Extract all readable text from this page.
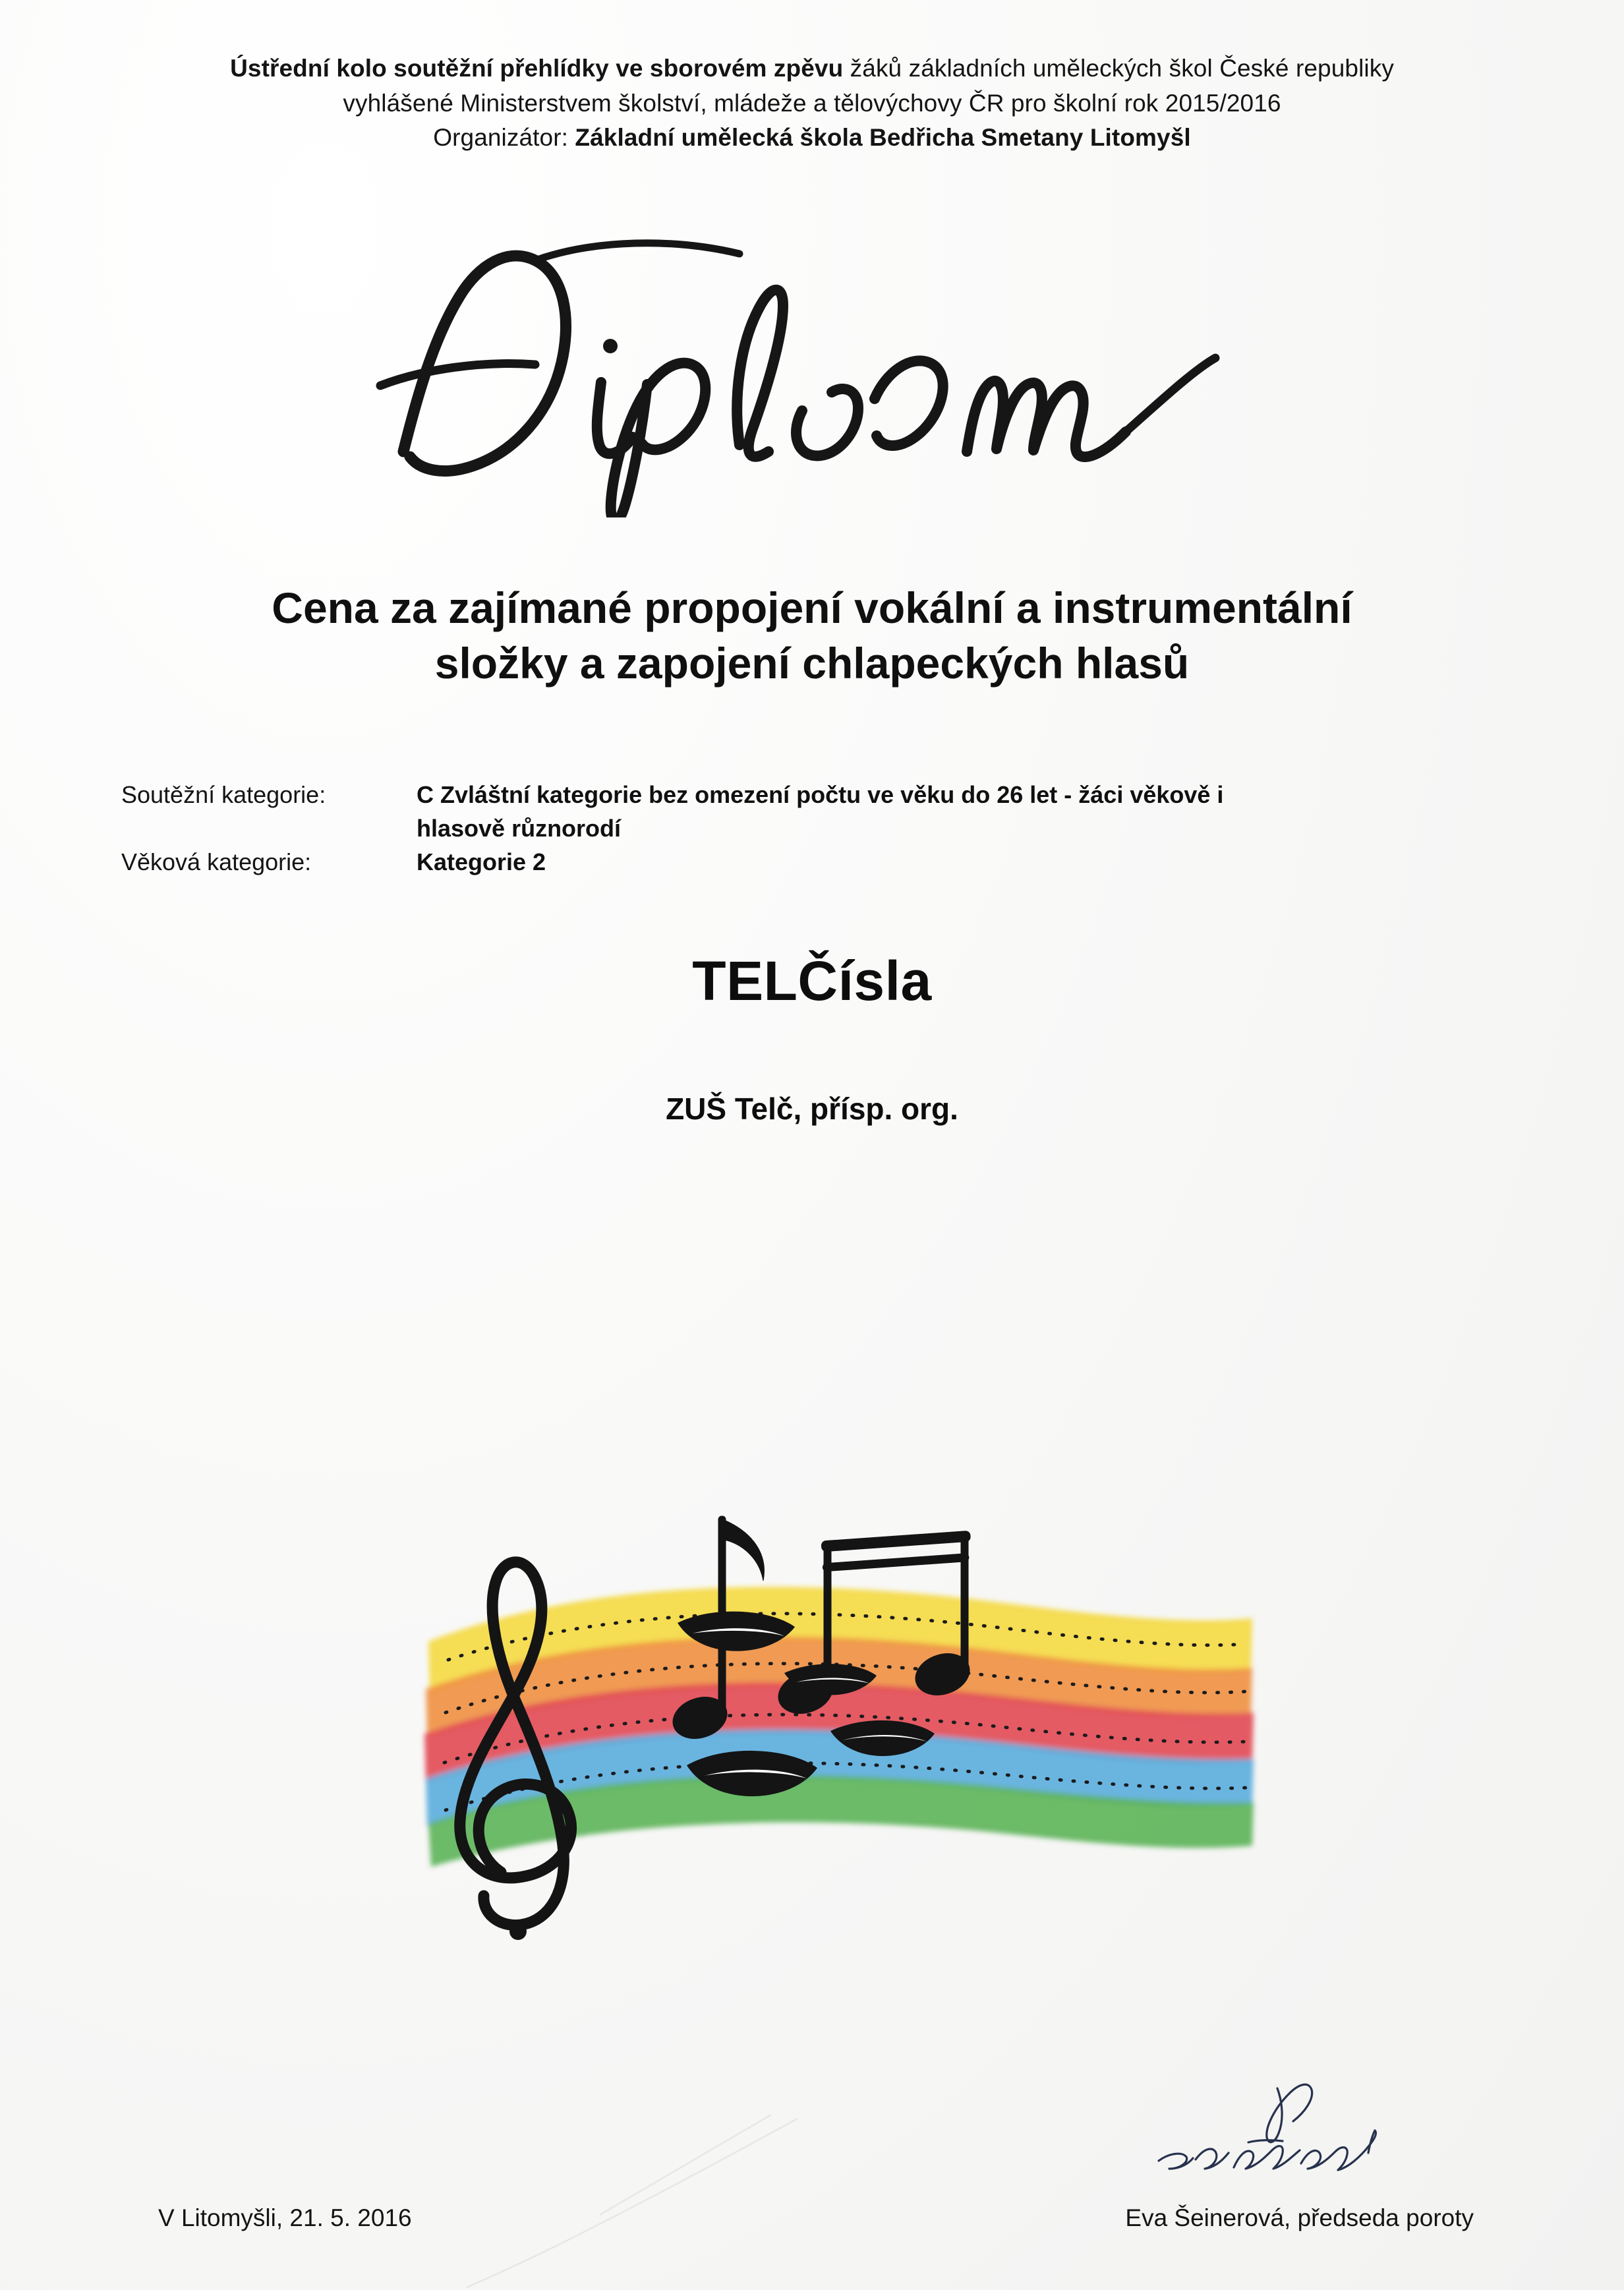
Ústřední kolo soutěžní přehlídky ve sborovém zpěvu žáků základních uměleckých škol České republiky
vyhlášené Ministerstvem školství, mládeže a tělovýchovy ČR pro školní rok 2015/2016
Organizátor: Základní umělecká škola Bedřicha Smetany Litomyšl
Cena za zajímané propojení vokální a instrumentální
složky a zapojení chlapeckých hlasů
Soutěžní kategorie:	C Zvláštní kategorie bez omezení počtu ve věku do 26 let - žáci věkově i
hlasově různorodí
Věková kategorie:	Kategorie 2
TELČísla
ZUŠ Telč, přísp. org.
V Litomyšli, 21. 5. 2016	Eva Šeinerová, předseda poroty
